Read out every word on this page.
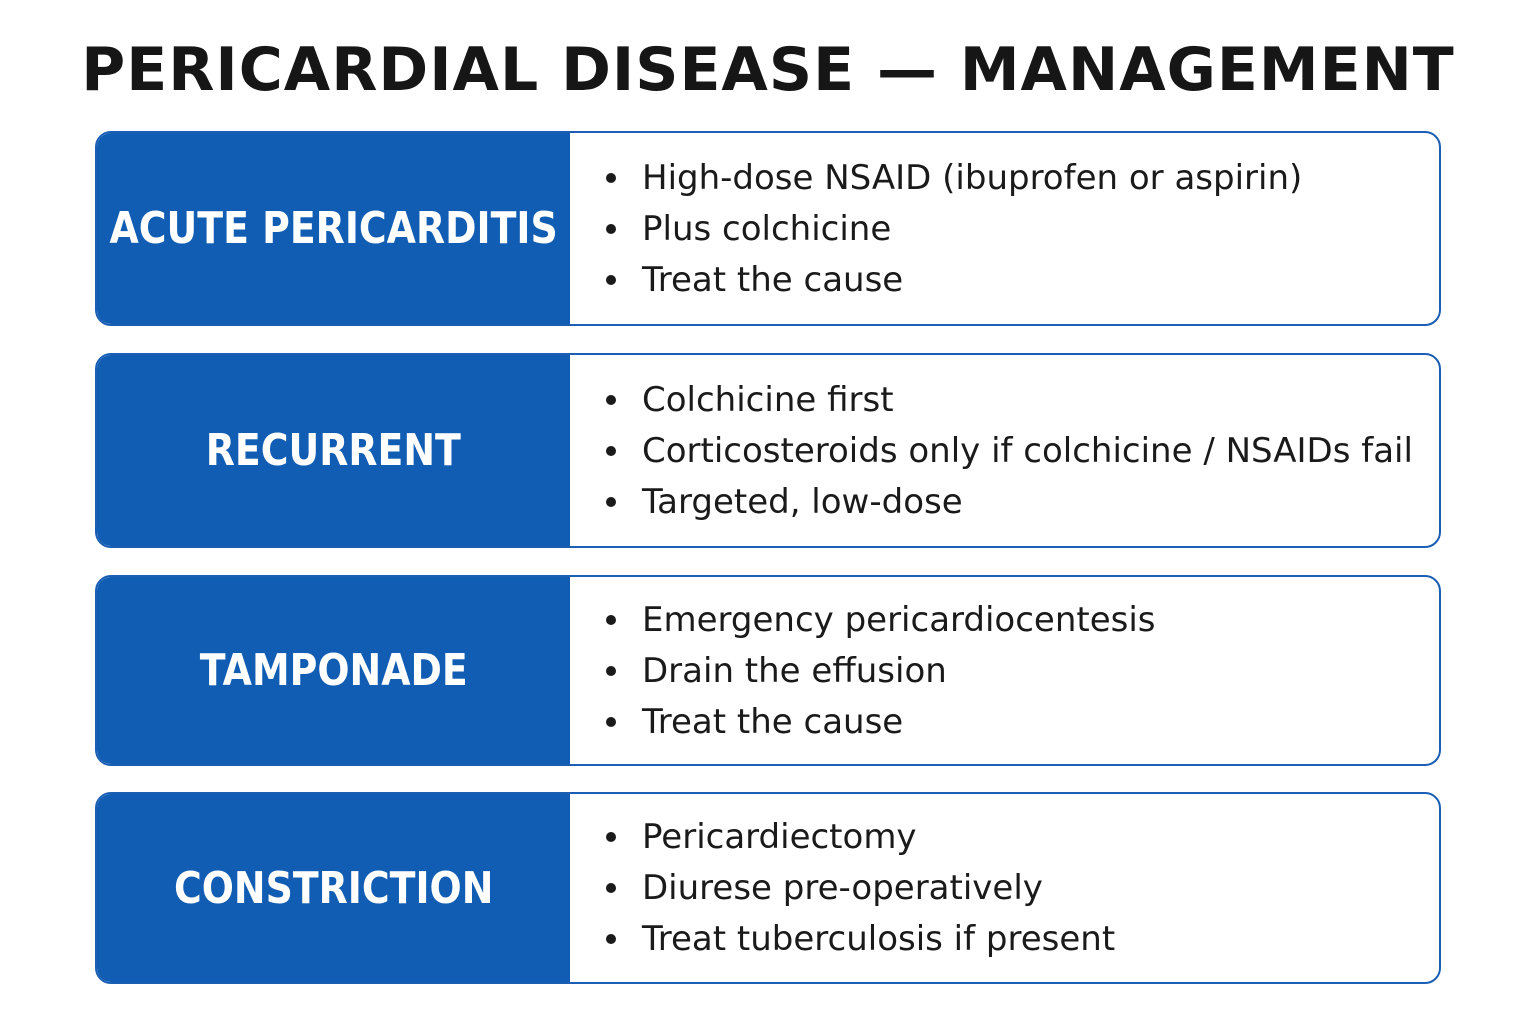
PERICARDIAL DISEASE — MANAGEMENT
ACUTE PERICARDITIS
High-dose NSAID (ibuprofen or aspirin)
Plus colchicine
Treat the cause
RECURRENT
Colchicine first
Corticosteroids only if colchicine / NSAIDs fail
Targeted, low-dose
TAMPONADE
Emergency pericardiocentesis
Drain the effusion
Treat the cause
CONSTRICTION
Pericardiectomy
Diurese pre-operatively
Treat tuberculosis if present
